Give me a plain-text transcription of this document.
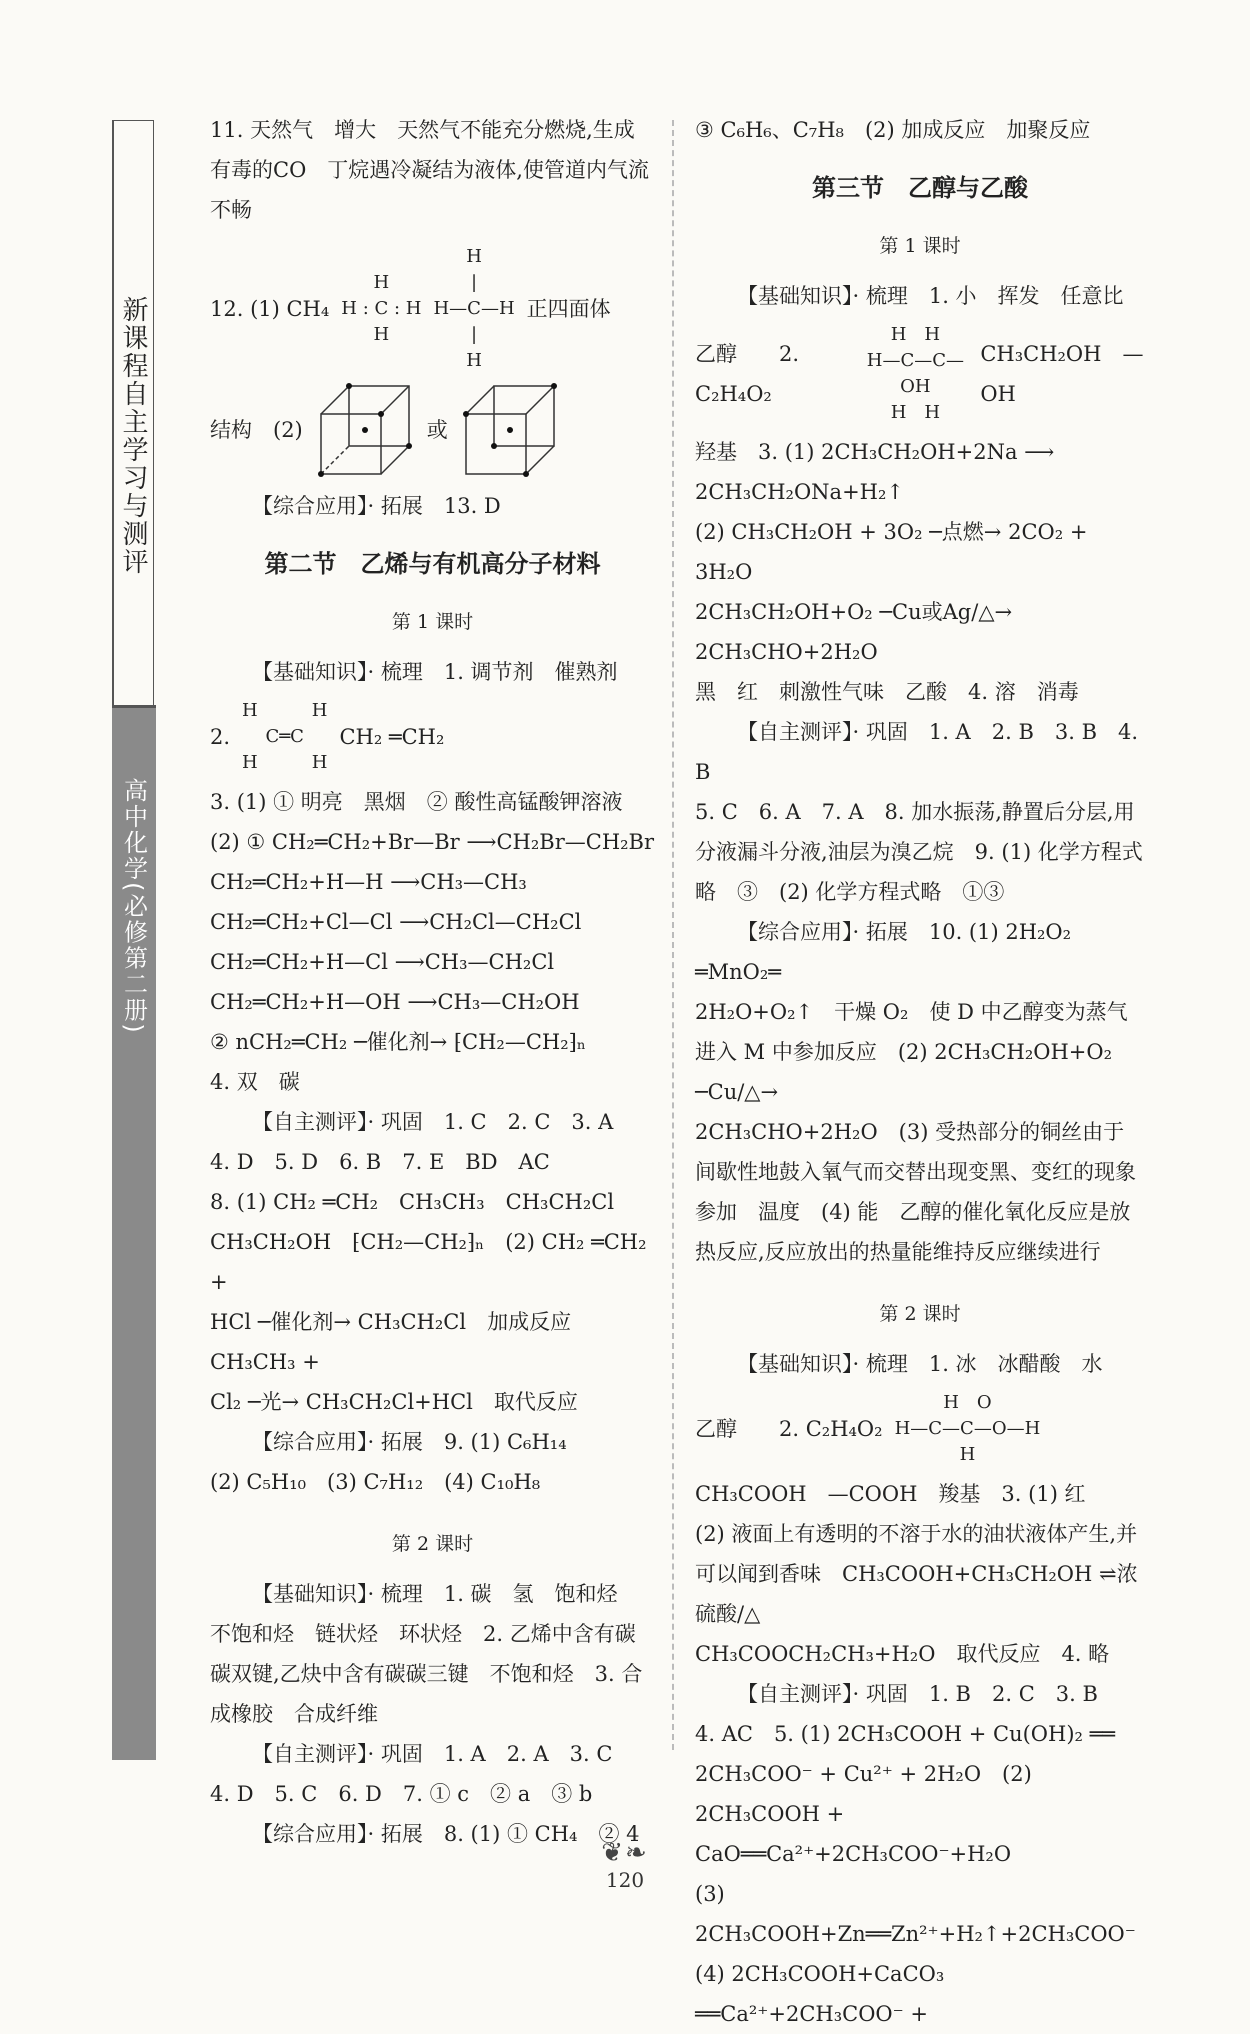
新课程自主学习与测评
高中化学(必修第二册)

11. 天然气　增大　天然气不能充分燃烧,生成有毒的CO　丁烷遇冷凝结为液体,使管道内气流不畅

12. (1) CH₄
H
H : C : H
H
H
|
H—C—H
|
H
正四面体
结构　(2)	或

【综合应用】· 拓展　13. D

第二节　乙烯与有机高分子材料
第 1 课时

【基础知识】· 梳理　1. 调节剂　催熟剂

2.
H　　　H
C═C
H　　　H
CH₂ ═CH₂

3. (1) ① 明亮　黑烟　② 酸性高锰酸钾溶液

(2) ① CH₂═CH₂+Br—Br ⟶CH₂Br—CH₂Br

CH₂═CH₂+H—H ⟶CH₃—CH₃

CH₂═CH₂+Cl—Cl ⟶CH₂Cl—CH₂Cl

CH₂═CH₂+H—Cl ⟶CH₃—CH₂Cl

CH₂═CH₂+H—OH ⟶CH₃—CH₂OH

② nCH₂═CH₂ ─催化剂→ ⁅CH₂—CH₂⁆ₙ

4. 双　碳

【自主测评】· 巩固　1. C　2. C　3. A

4. D　5. D　6. B　7. E　BD　AC

8. (1) CH₂ ═CH₂　CH₃CH₃　CH₃CH₂Cl

CH₃CH₂OH　⁅CH₂—CH₂⁆ₙ　(2) CH₂ ═CH₂ +

HCl ─催化剂→ CH₃CH₂Cl　加成反应　CH₃CH₃ +

Cl₂ ─光→ CH₃CH₂Cl+HCl　取代反应

【综合应用】· 拓展　9. (1) C₆H₁₄

(2) C₅H₁₀　(3) C₇H₁₂　(4) C₁₀H₈

第 2 课时

【基础知识】· 梳理　1. 碳　氢　饱和烃　不饱和烃　链状烃　环状烃　2. 乙烯中含有碳碳双键,乙炔中含有碳碳三键　不饱和烃　3. 合成橡胶　合成纤维

【自主测评】· 巩固　1. A　2. A　3. C

4. D　5. C　6. D　7. ① c　② a　③ b

【综合应用】· 拓展　8. (1) ① CH₄　② 4

③ C₆H₆、C₇H₈　(2) 加成反应　加聚反应

第三节　乙醇与乙酸
第 1 课时

【基础知识】· 梳理　1. 小　挥发　任意比

乙醇　　2. C₂H₄O₂
H　H
H—C—C—OH
H　H
CH₃CH₂OH　—OH

羟基　3. (1) 2CH₃CH₂OH+2Na ⟶

2CH₃CH₂ONa+H₂↑

(2) CH₃CH₂OH + 3O₂ ─点燃→ 2CO₂ + 3H₂O

2CH₃CH₂OH+O₂ ─Cu或Ag/△→ 2CH₃CHO+2H₂O

黑　红　刺激性气味　乙酸　4. 溶　消毒

【自主测评】· 巩固　1. A　2. B　3. B　4. B

5. C　6. A　7. A　8. 加水振荡,静置后分层,用分液漏斗分液,油层为溴乙烷　9. (1) 化学方程式略　③　(2) 化学方程式略　①③

【综合应用】· 拓展　10. (1) 2H₂O₂ ═MnO₂═

2H₂O+O₂↑　干燥 O₂　使 D 中乙醇变为蒸气进入 M 中参加反应　(2) 2CH₃CH₂OH+O₂ ─Cu/△→

2CH₃CHO+2H₂O　(3) 受热部分的铜丝由于间歇性地鼓入氧气而交替出现变黑、变红的现象　参加　温度　(4) 能　乙醇的催化氧化反应是放热反应,反应放出的热量能维持反应继续进行

第 2 课时

【基础知识】· 梳理　1. 冰　冰醋酸　水

乙醇　　2. C₂H₄O₂
H　O
H—C—C—O—H
H

CH₃COOH　—COOH　羧基　3. (1) 红

(2) 液面上有透明的不溶于水的油状液体产生,并可以闻到香味　CH₃COOH+CH₃CH₂OH ⇌浓硫酸/△

CH₃COOCH₂CH₃+H₂O　取代反应　4. 略

【自主测评】· 巩固　1. B　2. C　3. B

4. AC　5. (1) 2CH₃COOH + Cu(OH)₂ ══

2CH₃COO⁻ + Cu²⁺ + 2H₂O　(2) 2CH₃COOH +

CaO══Ca²⁺+2CH₃COO⁻+H₂O

(3) 2CH₃COOH+Zn══Zn²⁺+H₂↑+2CH₃COO⁻

(4) 2CH₃COOH+CaCO₃ ══Ca²⁺+2CH₃COO⁻ +

❦❧
120
